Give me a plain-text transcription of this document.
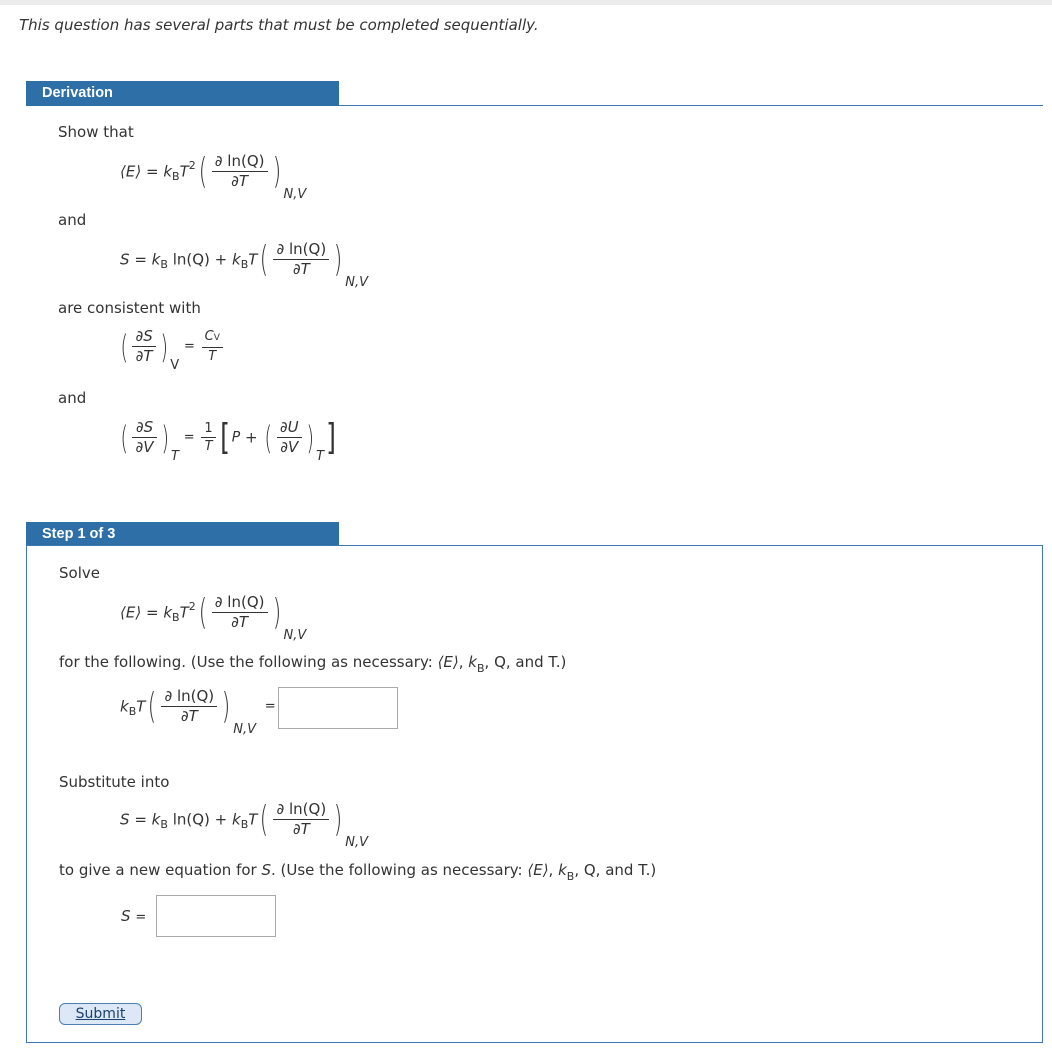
This question has several parts that must be completed sequentially.

Derivation

Show that

⟨E⟩ = $k_BT^2( \frac{\partial \ln(Q)}{\partial T} )N,V$

and

$S = k_B$ $\ln(Q) + k_BT( \frac{\partial \ln(Q)}{\partial T} )N,V$

are consistent with

( $\frac{\partial S}{\partial T}$ ) $V = \frac{CV}{T}$

and

( $\frac{\partial S}{\partial V}$ ) $T = \frac{1}{T}$ [ P + ( $\frac{\partial U}{\partial V}$ ) T]
Step 1 of 3

Solve

⟨E⟩ = $k_BT^2( \frac{\partial \ln(Q)}{\partial T} )N,V$

for the following. (Use the following as necessary: ⟨E⟩, $k_B$, Q, and T.)

$k_BT( \frac{\partial \ln(Q)}{\partial T} )N,V$ =

Substitute into

$S = k_B$ $\ln(Q) + k_BT( \frac{\partial \ln(Q)}{\partial T} )N,V$

to give a new equation for S. (Use the following as necessary: ⟨E⟩, $k_B$, Q, and T.)

S =
Submit
